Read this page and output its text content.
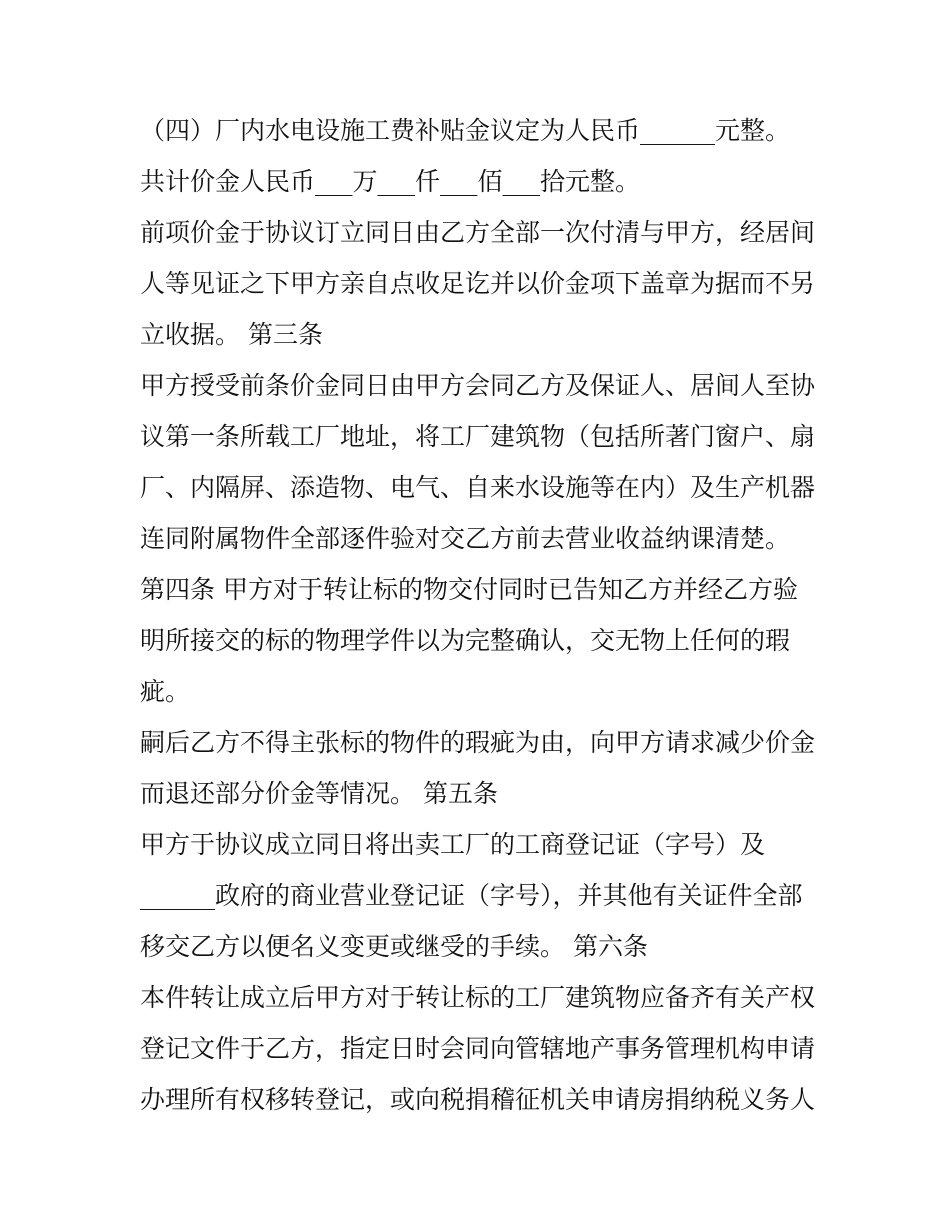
（四）厂内水电设施工费补贴金议定为人民币______元整。
共计价金人民币___万___仟___佰___拾元整。
前项价金于协议订立同日由乙方全部一次付清与甲方，经居间
人等见证之下甲方亲自点收足讫并以价金项下盖章为据而不另
立收据。 第三条
甲方授受前条价金同日由甲方会同乙方及保证人、居间人至协
议第一条所载工厂地址，将工厂建筑物（包括所著门窗户、扇
厂、内隔屏、添造物、电气、自来水设施等在内）及生产机器
连同附属物件全部逐件验对交乙方前去营业收益纳课清楚。
第四条 甲方对于转让标的物交付同时已告知乙方并经乙方验
明所接交的标的物理学件以为完整确认，交无物上任何的瑕
疵。
嗣后乙方不得主张标的物件的瑕疵为由，向甲方请求减少价金
而退还部分价金等情况。 第五条
甲方于协议成立同日将出卖工厂的工商登记证（字号）及
______政府的商业营业登记证（字号），并其他有关证件全部
移交乙方以便名义变更或继受的手续。 第六条
本件转让成立后甲方对于转让标的工厂建筑物应备齐有关产权
登记文件于乙方，指定日时会同向管辖地产事务管理机构申请
办理所有权移转登记，或向税捐稽征机关申请房捐纳税义务人
